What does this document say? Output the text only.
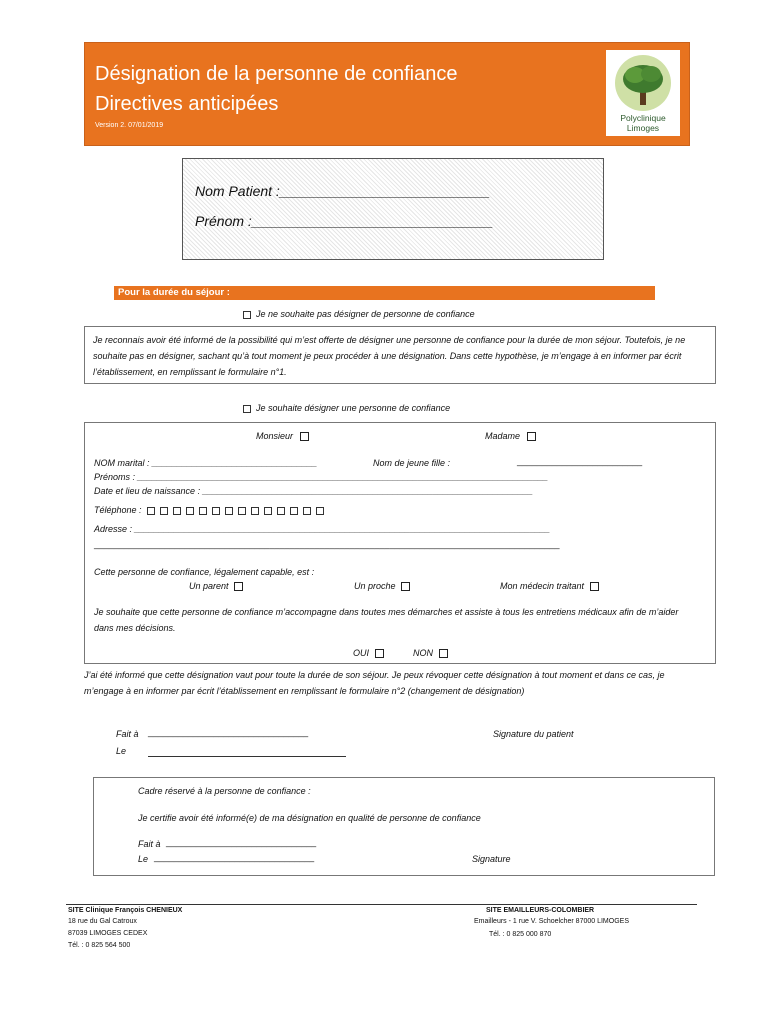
Désignation de la personne de confiance
Directives anticipées
Version 2. 07/01/2019
Polyclinique
Limoges
Nom Patient :___________________________
Prénom :_______________________________
Pour la durée du séjour :
Je ne souhaite pas désigner de personne de confiance
Je reconnais avoir été informé de la possibilité qui m’est offerte de désigner une personne de confiance pour la durée de mon séjour. Toutefois, je ne souhaite pas en désigner, sachant qu’à tout moment je peux procéder à une désignation. Dans cette hypothèse, je m’engage à en informer par écrit l’établissement, en remplissant le formulaire n°1.
Je souhaite désigner une personne de confiance
Monsieur	Madame
NOM marital : _________________________________	Nom de jeune fille :	_________________________
Prénoms : __________________________________________________________________________________
Date et lieu de naissance : __________________________________________________________________
Téléphone :
Adresse : ___________________________________________________________________________________
_____________________________________________________________________________________________
Cette personne de confiance, légalement capable, est :
Un parent	Un proche	Mon médecin traitant
Je souhaite que cette personne de confiance m’accompagne dans toutes mes démarches et assiste à tous les entretiens médicaux afin de m’aider dans mes décisions.
OUI	NON
J’ai été informé que cette désignation vaut pour toute la durée de son séjour. Je peux révoquer cette désignation à tout moment et dans ce cas, je m’engage à en informer par écrit l’établissement en remplissant le formulaire n°2 (changement de désignation)
Fait à ________________________________	Signature du patient
Le
Cadre réservé à la personne de confiance :
Je certifie avoir été informé(e) de ma désignation en qualité de personne de confiance
Fait à ______________________________
Le ________________________________	Signature
SITE Clinique François CHENIEUX
18 rue du Gal Catroux
87039 LIMOGES CEDEX
Tél. : 0 825 564 500
SITE EMAILLEURS-COLOMBIER
Emailleurs - 1 rue V. Schoelcher 87000 LIMOGES
Tél. : 0 825 000 870
